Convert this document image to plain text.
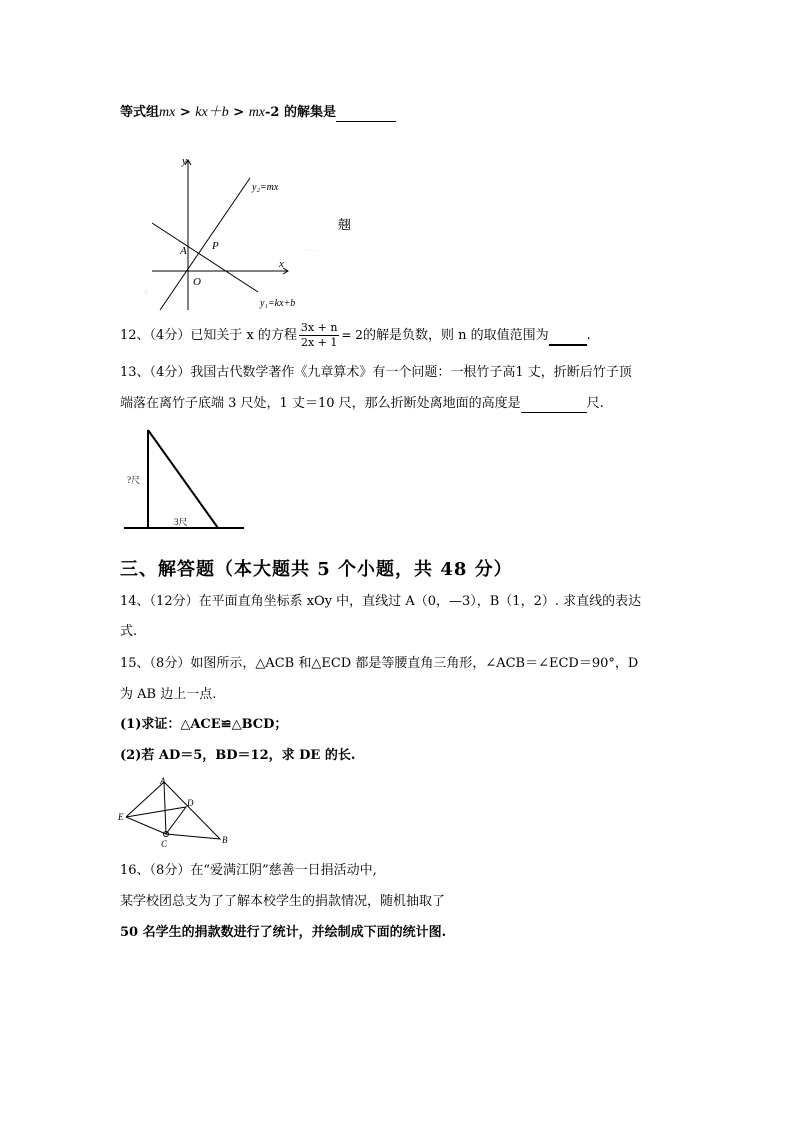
等式组mx > kx＋b > mx-2 的解集是
y
x
O
A P
y₂=mx
y₁=kx+b
......
#
翹
12、（4分）已知关于 x 的方程 $\frac{3x + n}{2x + 1} = 2$的解是负数，则 n 的取值范围为	.
13、（4分）我国古代数学著作《九章算术》有一个问题：一根竹子高1 丈，折断后竹子顶
端落在离竹子底端 3 尺处，1 丈＝10 尺，那么折断处离地面的高度是	尺.
?尺
3尺
三、解答题（本大题共 5 个小题，共 48 分）
14、（12分）在平面直角坐标系 xOy 中，直线过 A（0，—3），B（1，2）. 求直线的表达
式.
15、（8分）如图所示，△ACB 和△ECD 都是等腰直角三角形，∠ACB＝∠ECD＝90°，D
为 AB 边上一点.
(1)求证：△ACE≌△BCD；
(2)若 AD＝5，BD＝12，求 DE 的长.
A
B
C
D
E
16、（8分）在“爱满江阴”慈善一日捐活动中,
某学校团总支为了了解本校学生的捐款情况，随机抽取了
50 名学生的捐款数进行了统计，并绘制成下面的统计图.
